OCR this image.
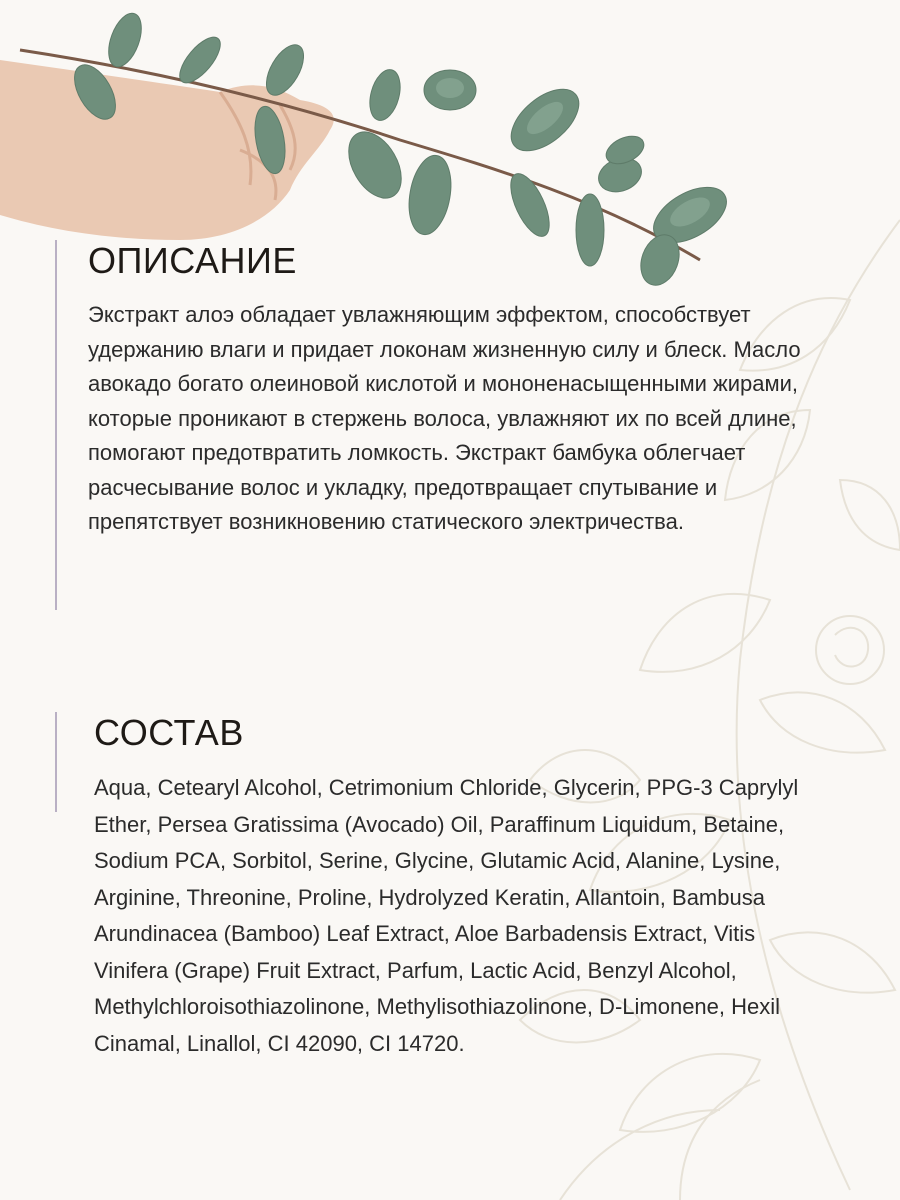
ОПИСАНИЕ

Экстракт алоэ обладает увлажняющим эффектом, способствует удержанию влаги и придает локонам жизненную силу и блеск. Масло авокадо богато олеиновой кислотой и мононенасыщенными жирами, которые проникают в стержень волоса, увлажняют их по всей длине, помогают предотвратить ломкость. Экстракт бамбука облегчает расчесывание волос и укладку, предотвращает спутывание и препятствует возникновению статического электричества.

СОСТАВ

Aqua, Cetearyl Alcohol, Cetrimonium Chloride, Glycerin, PPG-3 Caprylyl Ether, Persea Gratissima (Avocado) Oil, Paraffinum Liquidum, Betaine, Sodium PCA, Sorbitol, Serine, Glycine, Glutamic Acid, Alanine, Lysine, Arginine, Threonine, Proline, Hydrolyzed Keratin, Allantoin, Bambusa Arundinacea (Bamboo) Leaf Extract, Aloe Barbadensis Extract, Vitis Vinifera (Grape) Fruit Extract, Parfum, Lactic Acid, Benzyl Alcohol, Methylchloroisothiazolinone, Methylisothiazolinone, D-Limonene, Hexil Cinamal, Linallol, CI 42090, CI 14720.
